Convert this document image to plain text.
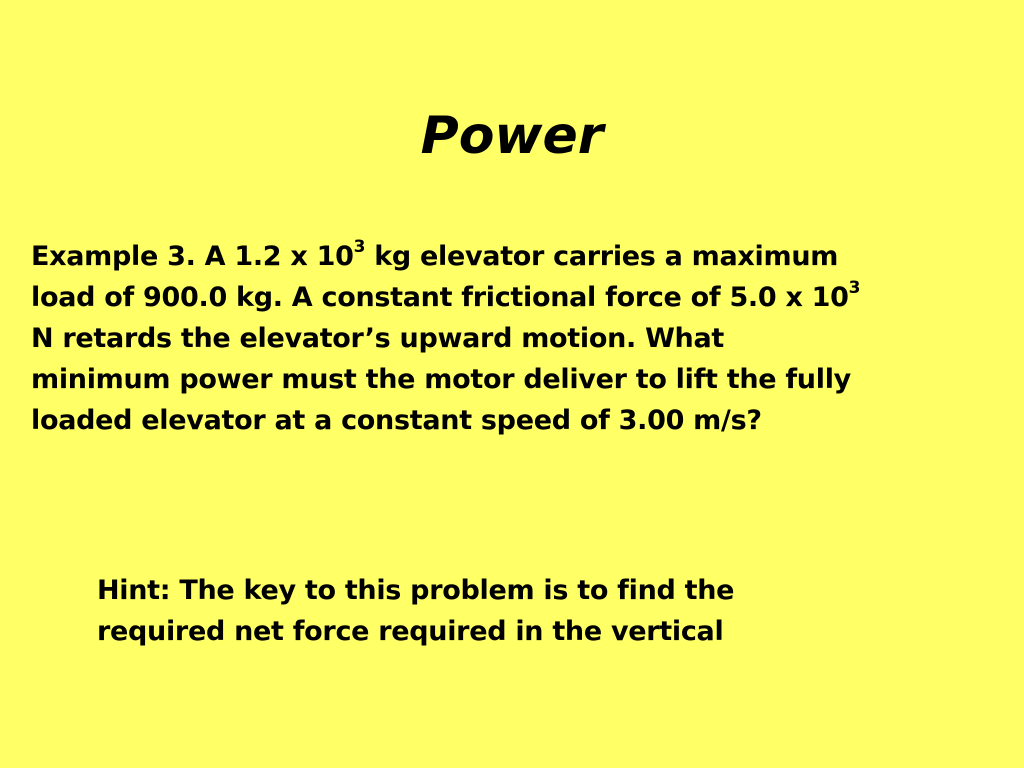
Power
Example 3. A 1.2 x $10^3$ kg elevator carries a maximum
load of 900.0 kg. A constant frictional force of 5.0 x $10^3$
N retards the elevator’s upward motion. What
minimum power must the motor deliver to lift the fully
loaded elevator at a constant speed of 3.00 m/s?
Hint: The key to this problem is to find the
required net force required in the vertical
